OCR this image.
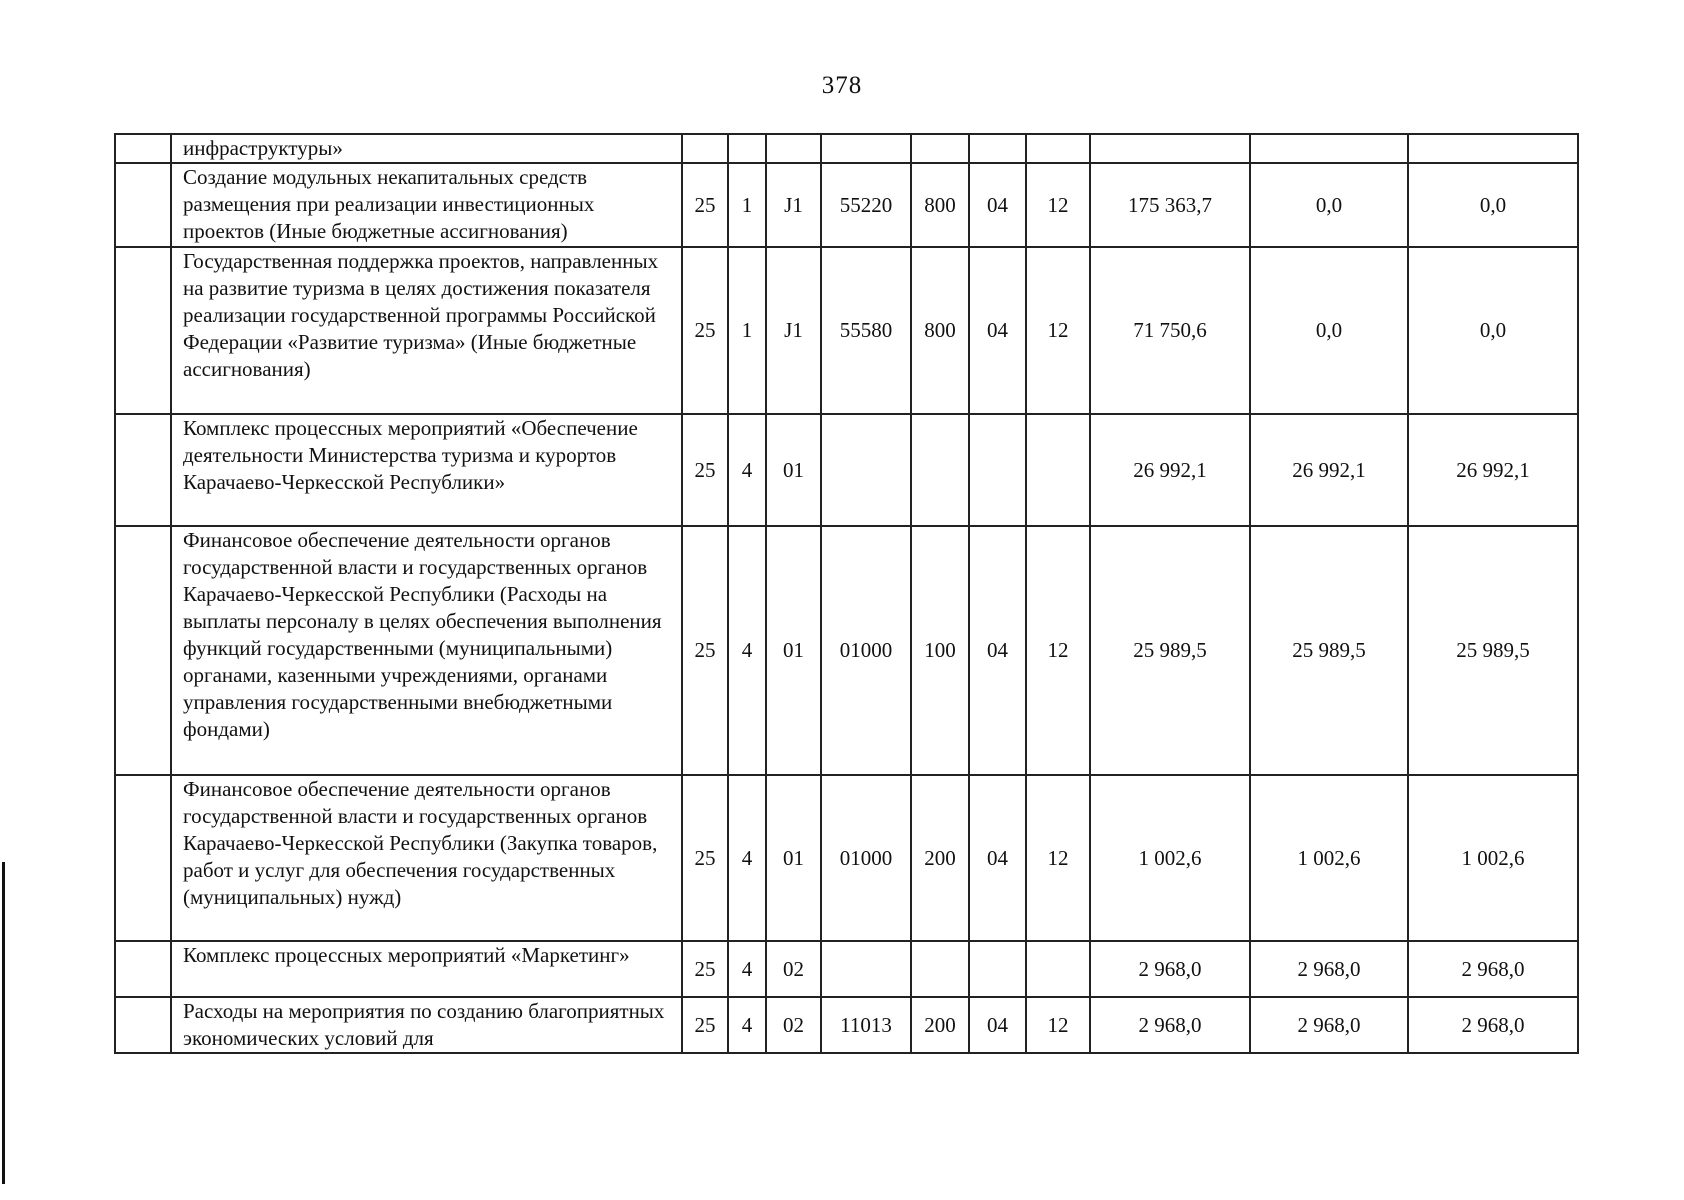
378
	инфраструктуры»										
	Создание модульных некапитальных средств размещения при реализации инвестиционных проектов (Иные бюджетные ассигнования)	25	1	J1	55220	800	04	12	175 363,7	0,0	0,0
	Государственная поддержка проектов, направленных на развитие туризма в целях достижения показателя реализации государственной программы Российской Федерации «Развитие туризма» (Иные бюджетные ассигнования)	25	1	J1	55580	800	04	12	71 750,6	0,0	0,0
	Комплекс процессных мероприятий «Обеспечение деятельности Министерства туризма и курортов Карачаево-Черкесской Республики»	25	4	01					26 992,1	26 992,1	26 992,1
	Финансовое обеспечение деятельности органов государственной власти и государственных органов Карачаево-Черкесской Республики (Расходы на выплаты персоналу в целях обеспечения выполнения функций государственными (муниципальными) органами, казенными учреждениями, органами управления государственными внебюджетными фондами)	25	4	01	01000	100	04	12	25 989,5	25 989,5	25 989,5
	Финансовое обеспечение деятельности органов государственной власти и государственных органов Карачаево-Черкесской Республики (Закупка товаров, работ и услуг для обеспечения государственных (муниципальных) нужд)	25	4	01	01000	200	04	12	1 002,6	1 002,6	1 002,6
	Комплекс процессных мероприятий «Маркетинг»	25	4	02					2 968,0	2 968,0	2 968,0
	Расходы на мероприятия по созданию благоприятных экономических условий для	25	4	02	11013	200	04	12	2 968,0	2 968,0	2 968,0
